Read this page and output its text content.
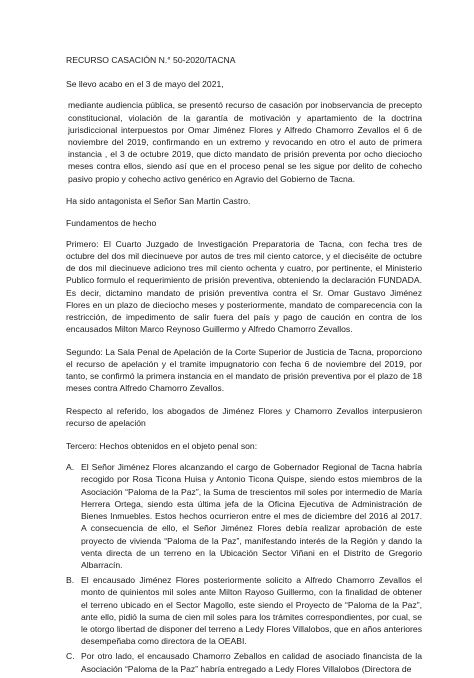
RECURSO CASACIÓN N.° 50-2020/TACNA

Se llevo acabo en el 3 de mayo del 2021,

mediante audiencia pública, se presentó recurso de casación por inobservancia de precepto constitucional, violación de la garantía de motivación y apartamiento de la doctrina jurisdiccional interpuestos por Omar Jiménez Flores y Alfredo Chamorro Zevallos el 6 de noviembre del 2019, confirmando en un extremo y revocando en otro el auto de primera instancia , el 3 de octubre 2019, que dicto mandato de prisión preventa por ocho dieciocho meses contra ellos, siendo así que en el proceso penal se les sigue por delito de cohecho pasivo propio y cohecho activo genérico en Agravio del Gobierno de Tacna.

Ha sido antagonista el Señor San Martin Castro.

Fundamentos de hecho

Primero: El Cuarto Juzgado de Investigación Preparatoria de Tacna, con fecha tres de octubre del dos mil diecinueve por autos de tres mil ciento catorce, y el dieciséite de octubre de dos mil diecinueve adiciono tres mil ciento ochenta y cuatro, por pertinente, el Ministerio Publico formulo el requerimiento de prisión preventiva, obteniendo la declaración FUNDADA. Es decir, dictamino mandato de prisión preventiva contra el Sr. Omar Gustavo Jiménez Flores en un plazo de dieciocho meses y posteriormente, mandato de comparecencia con la restricción, de impedimento de salir fuera del país y pago de caución en contra de los encausados Milton Marco Reynoso Guillermo y Alfredo Chamorro Zevallos.

Segundo: La Sala Penal de Apelación de la Corte Superior de Justicia de Tacna, proporciono el recurso de apelación y el tramite impugnatorio con fecha 6 de noviembre del 2019, por tanto, se confirmó la primera instancia en el mandato de prisión preventiva por el plazo de 18 meses contra Alfredo Chamorro Zevallos.

Respecto al referido, los abogados de Jiménez Flores y Chamorro Zevallos interpusieron recurso de apelación

Tercero: Hechos obtenidos en el objeto penal son:

A. El Señor Jiménez Flores alcanzando el cargo de Gobernador Regional de Tacna habría recogido por Rosa Ticona Huisa y Antonio Ticona Quispe, siendo estos miembros de la Asociación “Paloma de la Paz”, la Suma de trescientos mil soles por intermedio de María Herrera Ortega, siendo esta última jefa de la Oficina Ejecutiva de Administración de Bienes Inmuebles. Estos hechos ocurrieron entre el mes de diciembre del 2016 al 2017. A consecuencia de ello, el Señor Jiménez Flores debía realizar aprobación de este proyecto de vivienda “Paloma de la Paz”, manifestando interés de la Región y dando la venta directa de un terreno en la Ubicación Sector Viñani en el Distrito de Gregorio Albarracín.
B. El encausado Jiménez Flores posteriormente solicito a Alfredo Chamorro Zevallos el monto de quinientos mil soles ante Milton Rayoso Guillermo, con la finalidad de obtener el terreno ubicado en el Sector Magollo, este siendo el Proyecto de “Paloma de la Paz”, ante ello, pidió la suma de cien mil soles para los trámites correspondientes, por cual, se le otorgo libertad de disponer del terreno a Ledy Flores Villalobos, que en años anteriores desempeñaba como directora de la OEABI.
C. Por otro lado, el encausado Chamorro Zeballos en calidad de asociado financista de la Asociación “Paloma de la Paz” habría entregado a Ledy Flores Villalobos (Directora de
